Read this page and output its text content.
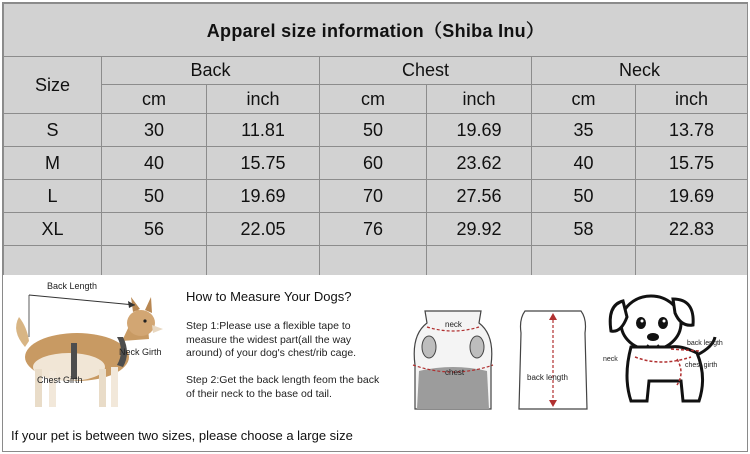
Apparel size information（Shiba Inu）						
Size	Back		Chest		Neck	
	cm	inch	cm	inch	cm	inch
S	30	11.81	50	19.69	35	13.78
M	40	15.75	60	23.62	40	15.75
L	50	19.69	70	27.56	50	19.69
XL	56	22.05	76	29.92	58	22.83

Back Length
Neck Girth
Chest Girth
How to Measure Your Dogs?
Step 1:Please use a flexible tape to measure the widest part(all the way around) of your dog's chest/rib cage.
Step 2:Get the back length feom the back of their neck to the base od tail.
neck
chest
back length
back length
neck
chest girth
If your pet is between two sizes, please choose a large size
